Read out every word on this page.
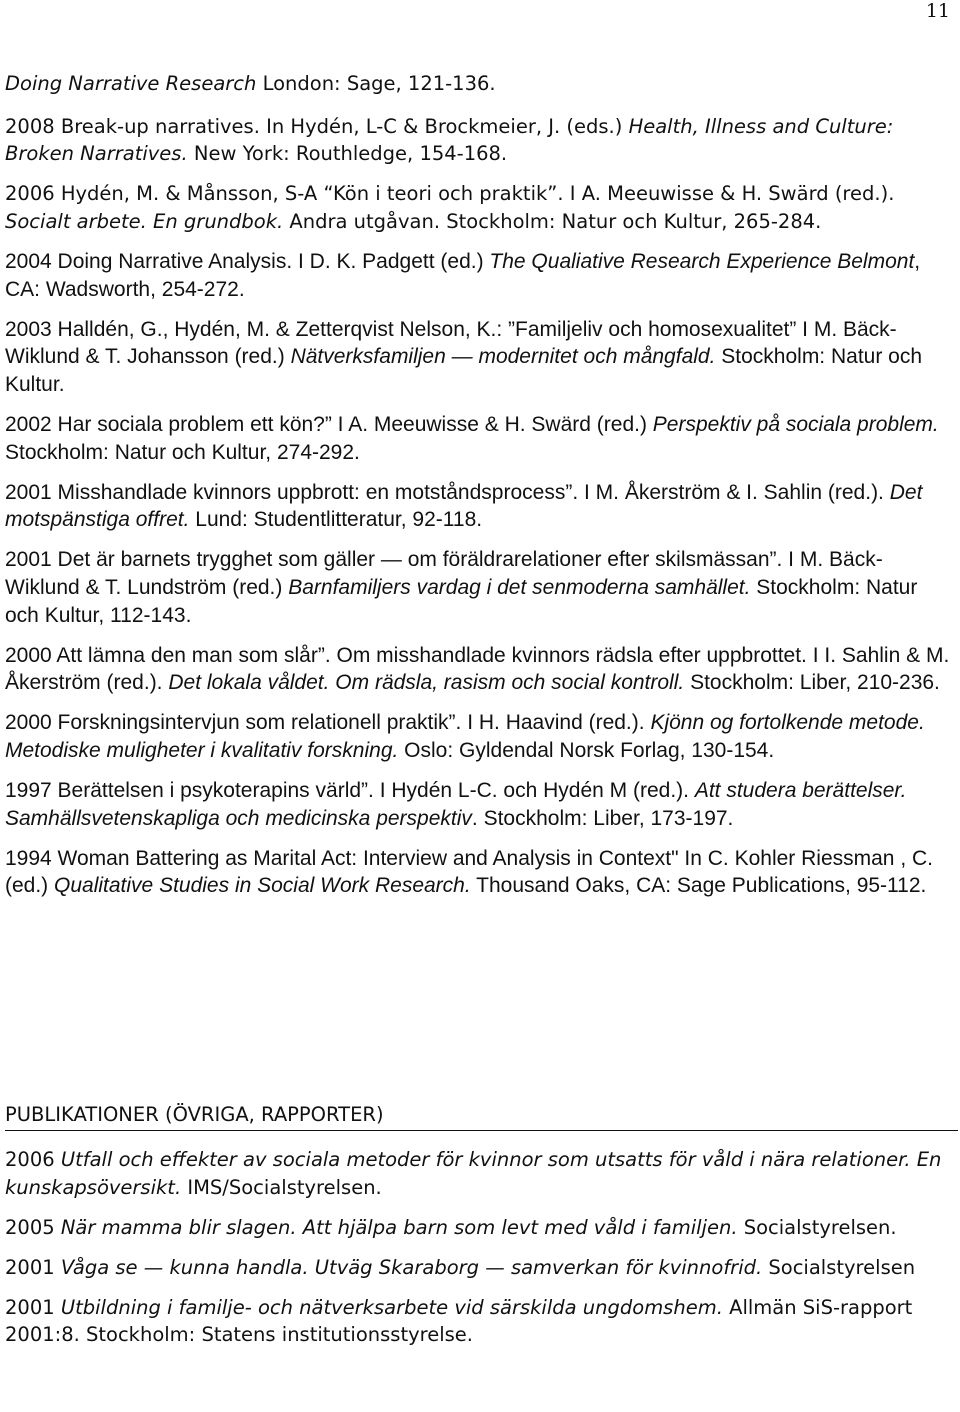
11

Doing Narrative Research London: Sage, 121-136.

2008 Break-up narratives. In Hydén, L-C & Brockmeier, J. (eds.) Health, Illness and Culture: Broken Narratives. New York: Routhledge, 154-168.

2006 Hydén, M. & Månsson, S-A “Kön i teori och praktik”. I A. Meeuwisse & H. Swärd (red.). Socialt arbete. En grundbok. Andra utgåvan. Stockholm: Natur och Kultur, 265-284.

2004 Doing Narrative Analysis. I D. K. Padgett (ed.) The Qualiative Research Experience Belmont, CA: Wadsworth, 254-272.

2003 Halldén, G., Hydén, M. & Zetterqvist Nelson, K.: ”Familjeliv och homosexualitet” I M. Bäck-Wiklund & T. Johansson (red.) Nätverksfamiljen — modernitet och mångfald. Stockholm: Natur och Kultur.

2002 Har sociala problem ett kön?” I A. Meeuwisse & H. Swärd (red.) Perspektiv på sociala problem. Stockholm: Natur och Kultur, 274-292.

2001 Misshandlade kvinnors uppbrott: en motståndsprocess”. I M. Åkerström & I. Sahlin (red.). Det motspänstiga offret. Lund: Studentlitteratur, 92-118.

2001 Det är barnets trygghet som gäller — om föräldrarelationer efter skilsmässan”. I M. Bäck-Wiklund & T. Lundström (red.) Barnfamiljers vardag i det senmoderna samhället. Stockholm: Natur och Kultur, 112-143.

2000 Att lämna den man som slår”. Om misshandlade kvinnors rädsla efter uppbrottet. I I. Sahlin & M. Åkerström (red.). Det lokala våldet. Om rädsla, rasism och social kontroll. Stockholm: Liber, 210-236.

2000 Forskningsintervjun som relationell praktik”. I H. Haavind (red.). Kjönn og fortolkende metode. Metodiske muligheter i kvalitativ forskning. Oslo: Gyldendal Norsk Forlag, 130-154.

1997 Berättelsen i psykoterapins värld”. I Hydén L-C. och Hydén M (red.). Att studera berättelser. Samhällsvetenskapliga och medicinska perspektiv. Stockholm: Liber, 173-197.

1994 Woman Battering as Marital Act: Interview and Analysis in Context" In C. Kohler Riessman , C. (ed.) Qualitative Studies in Social Work Research. Thousand Oaks, CA: Sage Publications, 95-112.

PUBLIKATIONER (ÖVRIGA, RAPPORTER)

2006 Utfall och effekter av sociala metoder för kvinnor som utsatts för våld i nära relationer. En kunskapsöversikt. IMS/Socialstyrelsen.

2005 När mamma blir slagen. Att hjälpa barn som levt med våld i familjen. Socialstyrelsen.

2001 Våga se — kunna handla. Utväg Skaraborg — samverkan för kvinnofrid. Socialstyrelsen

2001 Utbildning i familje- och nätverksarbete vid särskilda ungdomshem. Allmän SiS-rapport 2001:8. Stockholm: Statens institutionsstyrelse.
